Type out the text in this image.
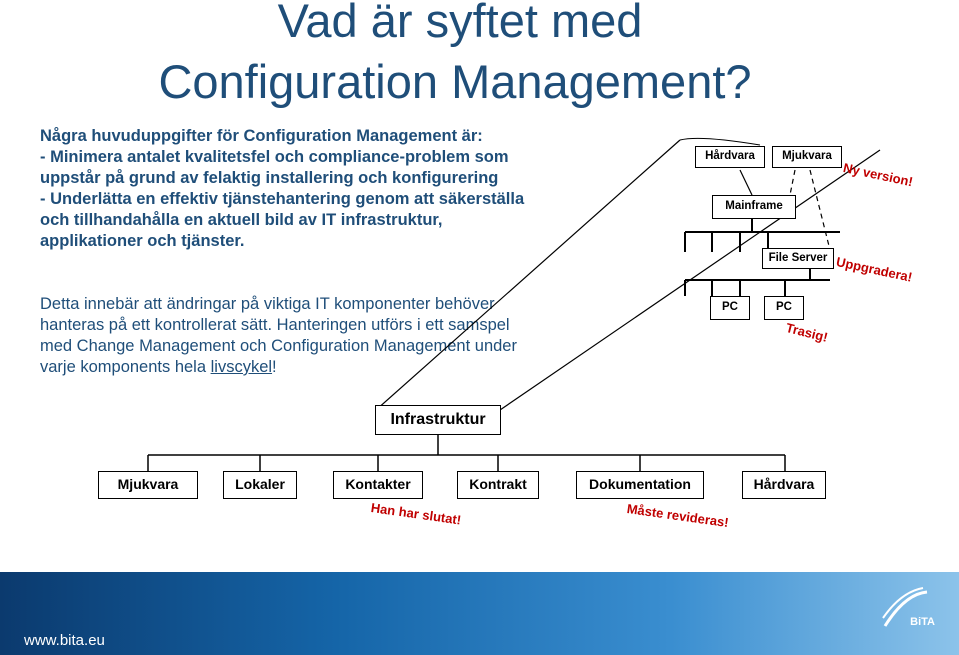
Vad är syftet med
Configuration Management?
Några huvuduppgifter för Configuration Management är:
- Minimera antalet kvalitetsfel och compliance-problem som
uppstår på grund av felaktig installering och konfigurering
- Underlätta en effektiv tjänstehantering genom att säkerställa
och tillhandahålla en aktuell bild av IT infrastruktur,
applikationer och tjänster.
Detta innebär att ändringar på viktiga IT komponenter behöver
hanteras på ett kontrollerat sätt. Hanteringen utförs i ett samspel
med Change Management och Configuration Management under
varje komponents hela livscykel!
Hårdvara	Mjukvara
Mainframe
File Server
PC	PC
Ny version!
Uppgradera!
Trasig!
Infrastruktur
Mjukvara	Lokaler	Kontakter	Kontrakt	Dokumentation	Hårdvara
Han har slutat!	Måste revideras!
www.bita.eu
BiTA
